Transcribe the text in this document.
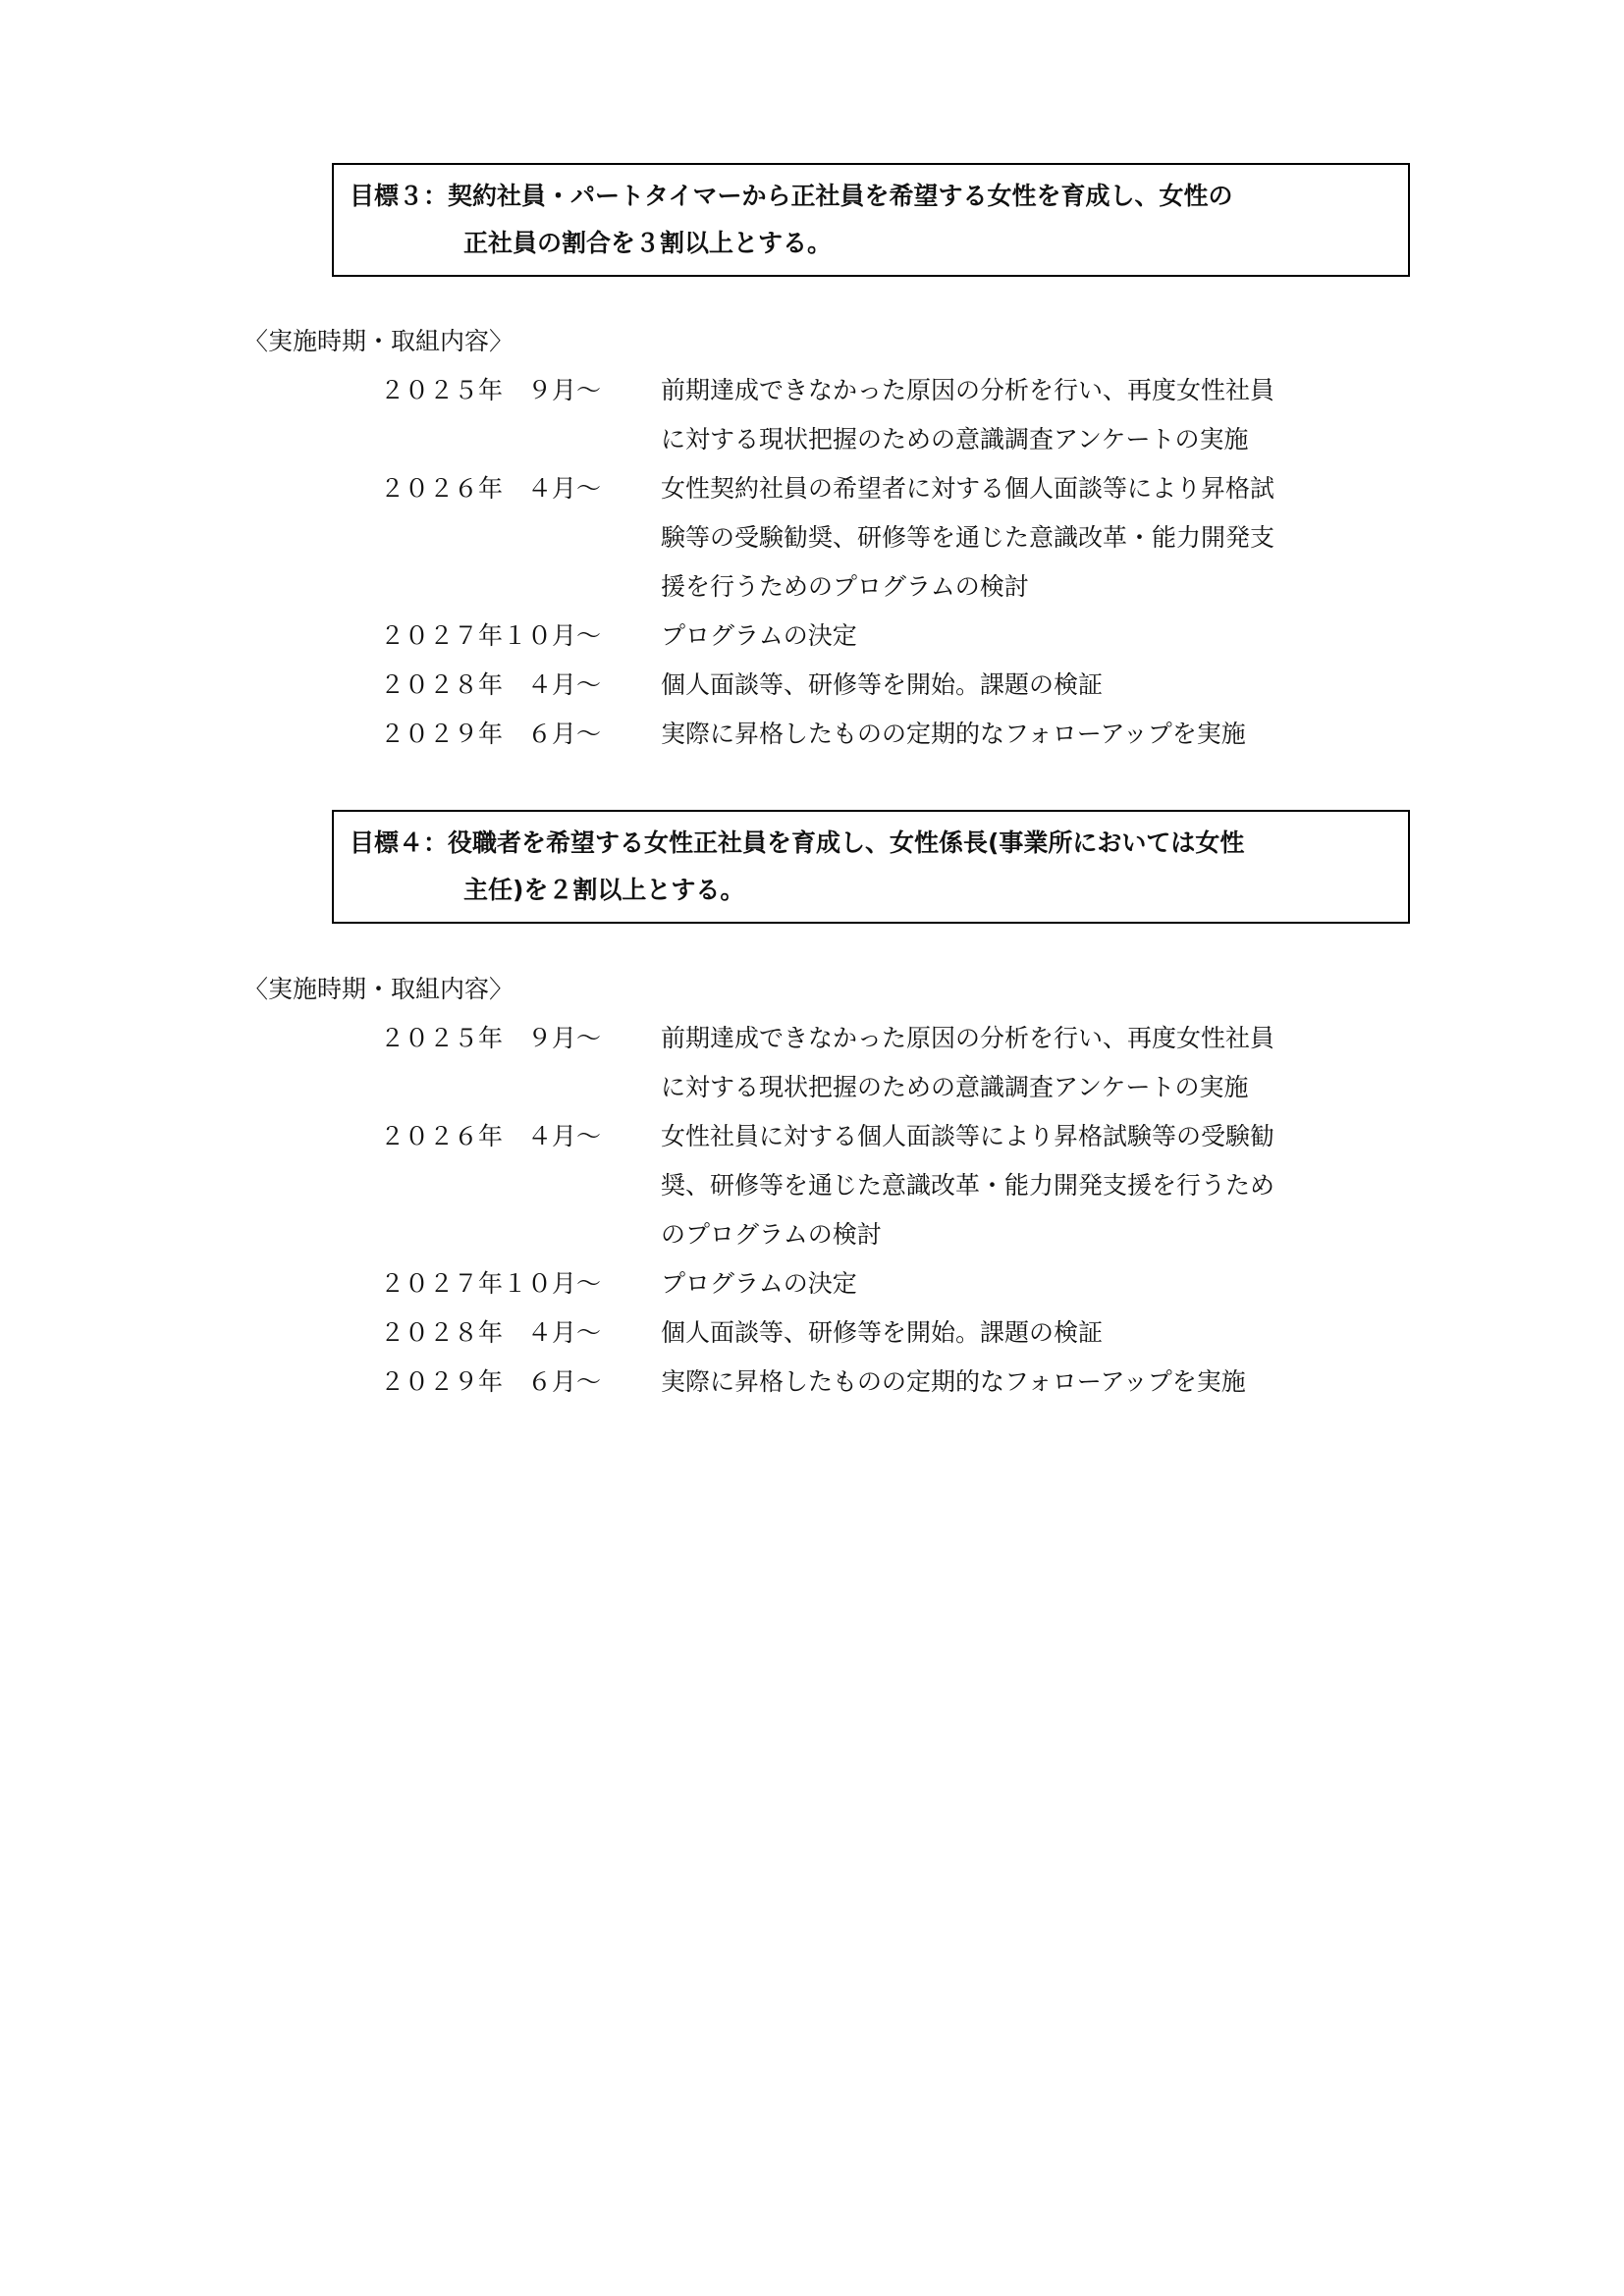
目標３：契約社員・パートタイマーから正社員を希望する女性を育成し、女性の
正社員の割合を３割以上とする。
〈実施時期・取組内容〉
２０２５年　９月～	前期達成できなかった原因の分析を行い、再度女性社員
に対する現状把握のための意識調査アンケートの実施
２０２６年　４月～	女性契約社員の希望者に対する個人面談等により昇格試
験等の受験勧奨、研修等を通じた意識改革・能力開発支
援を行うためのプログラムの検討
２０２７年１０月～	プログラムの決定
２０２８年　４月～	個人面談等、研修等を開始。課題の検証
２０２９年　６月～	実際に昇格したものの定期的なフォローアップを実施
目標４：役職者を希望する女性正社員を育成し、女性係長(事業所においては女性
主任)を２割以上とする。
〈実施時期・取組内容〉
２０２５年　９月～	前期達成できなかった原因の分析を行い、再度女性社員
に対する現状把握のための意識調査アンケートの実施
２０２６年　４月～	女性社員に対する個人面談等により昇格試験等の受験勧
奨、研修等を通じた意識改革・能力開発支援を行うため
のプログラムの検討
２０２７年１０月～	プログラムの決定
２０２８年　４月～	個人面談等、研修等を開始。課題の検証
２０２９年　６月～	実際に昇格したものの定期的なフォローアップを実施
